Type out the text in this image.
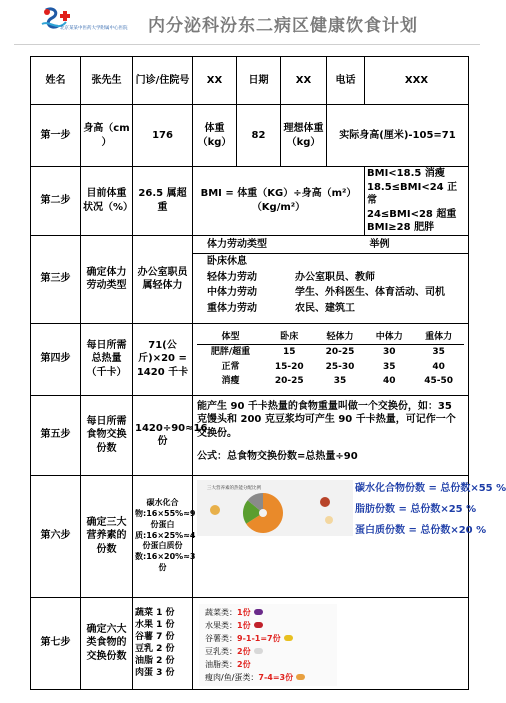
北京某某中医药大学附属中心医院 内分泌科汾东二病区健康饮食计划
姓名	张先生	门诊/住院号	XX	日期	XX	电话	XXX
第一步	身高（cm ）	176	体重（kg）	82	理想体重（kg）	实际身高(厘米)-105=71
第二步	目前体重状况（%）	26.5 属超重	BMI = 体重（KG）÷身高（m²）（Kg/m²）	
BMI<18.5 消瘦
18.5≤BMI<24 正常
24≤BMI<28 超重
BMI≥28 肥胖

第三步	确定体力劳动类型	办公室职员属轻体力	
体力劳动类型	举例
卧床休息
轻体力劳动	办公室职员、教师
中体力劳动	学生、外科医生、体育活动、司机
重体力劳动	农民、建筑工

第四步	每日所需总热量（千卡）	71(公斤)×20 = 1420 千卡	
体型	卧床	轻体力	中体力	重体力
肥胖/超重	15	20-25	30	35
正常	15-20	25-30	35	40
消瘦	20-25	35	40	45-50

第五步	每日所需食物交换份数	1420÷90≈16 份	
能产生 90 千卡热量的食物重量叫做一个交换份，如：35 克馒头和 200 克豆浆均可产生 90 千卡热量，可记作一个交换份。
公式：总食物交换份数=总热量÷90

第六步	确定三大营养素的份数	碳水化合物:16×55%≈9 份蛋白质:16×25%≈4 份蛋白质份数:16×20%≈3 份	
三大营养素的热能分配比例	碳水化合物份数 = 总份数×55 %
脂肪份数 = 总份数×25 %
蛋白质份数 = 总份数×20 %

第七步	确定六大类食物的交换份数	
蔬菜 1 份
水果 1 份
谷薯 7 份
豆乳 2 份
油脂 2 份
肉蛋 3 份

蔬菜类：1份
水果类：1份
谷薯类：9-1-1=7份
豆乳类：2份
油脂类：2份
瘦肉/鱼/蛋类：7-4=3份
